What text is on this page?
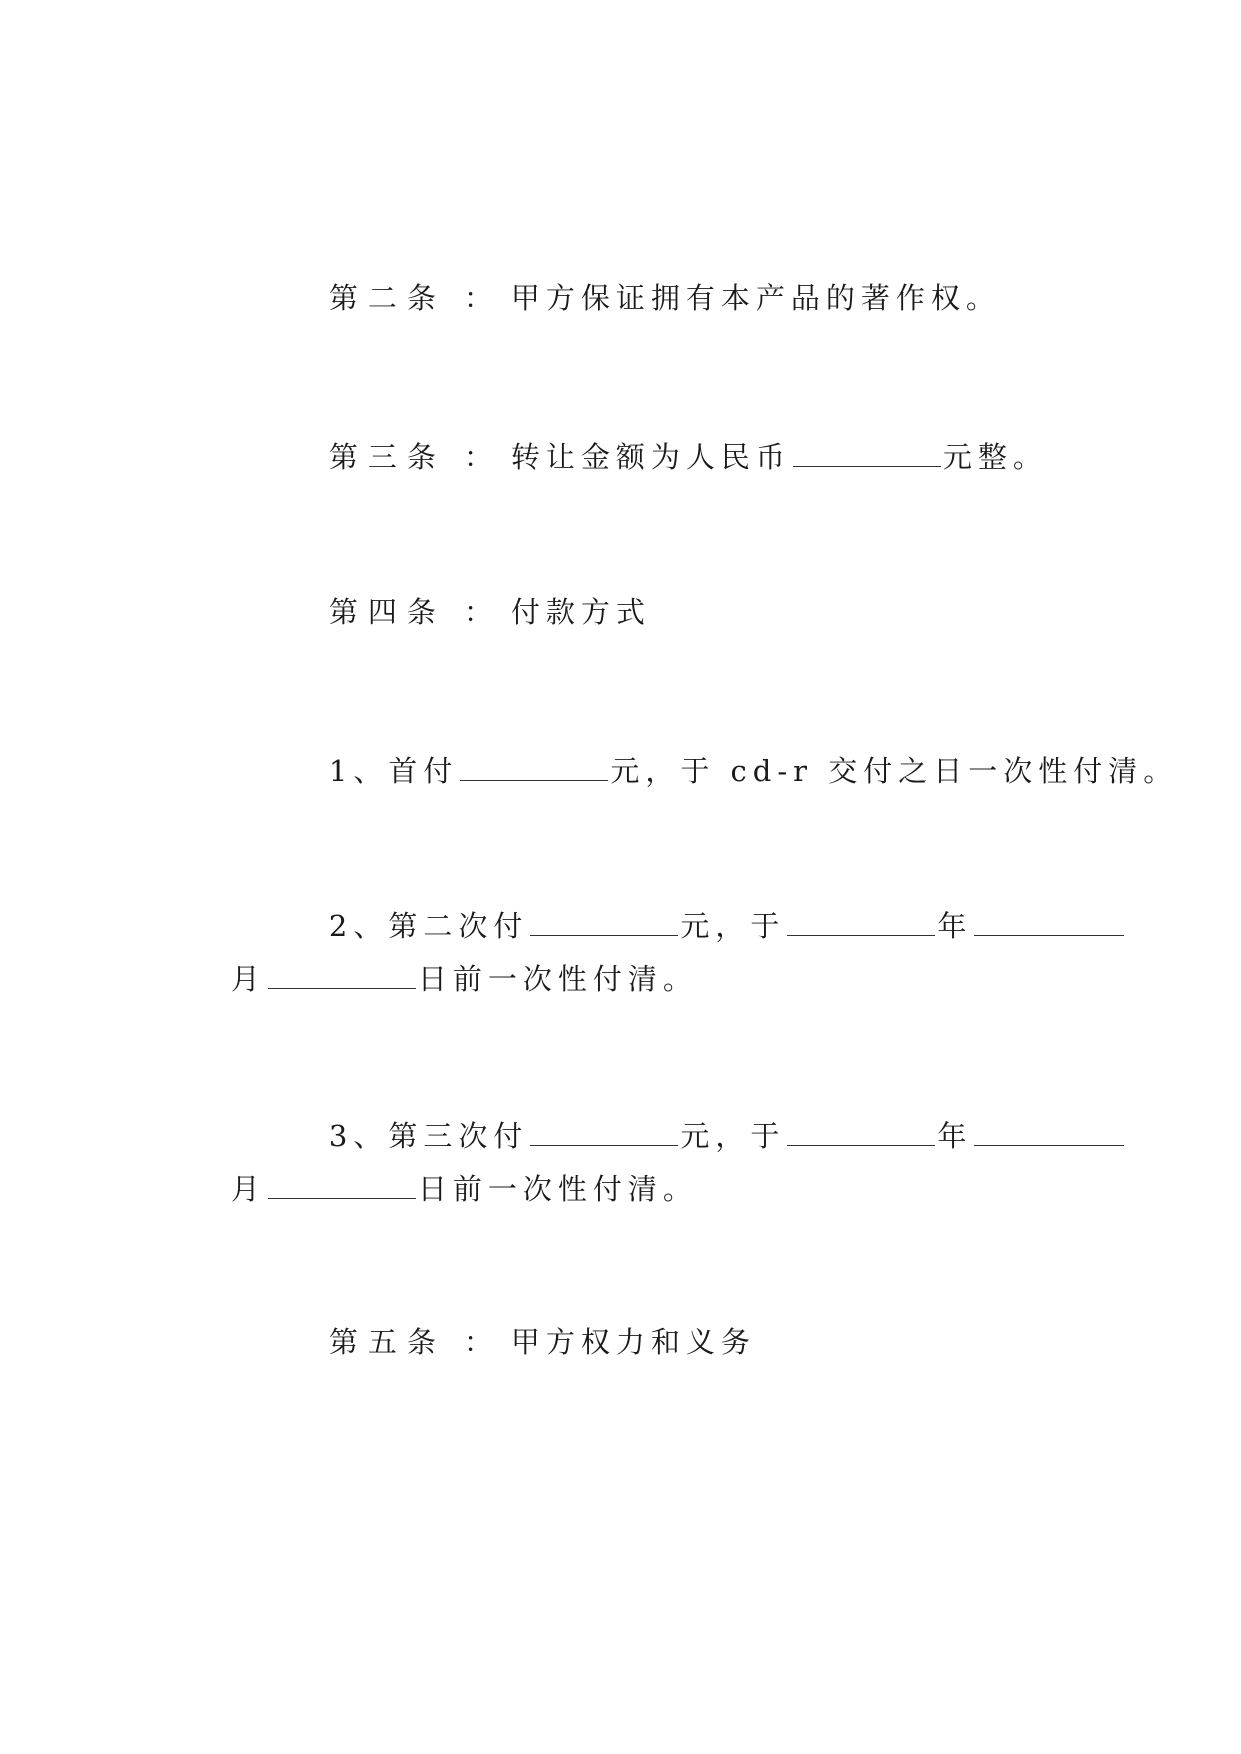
第二条 ： 甲方保证拥有本产品的著作权。

第三条 ： 转让金额为人民币	元整。

第四条 ： 付款方式

1、首付	元，于 cd-r 交付之日一次性付清。

2、第二次付	元，于	年

月	日前一次性付清。

3、第三次付	元，于	年

月	日前一次性付清。

第五条 ： 甲方权力和义务
